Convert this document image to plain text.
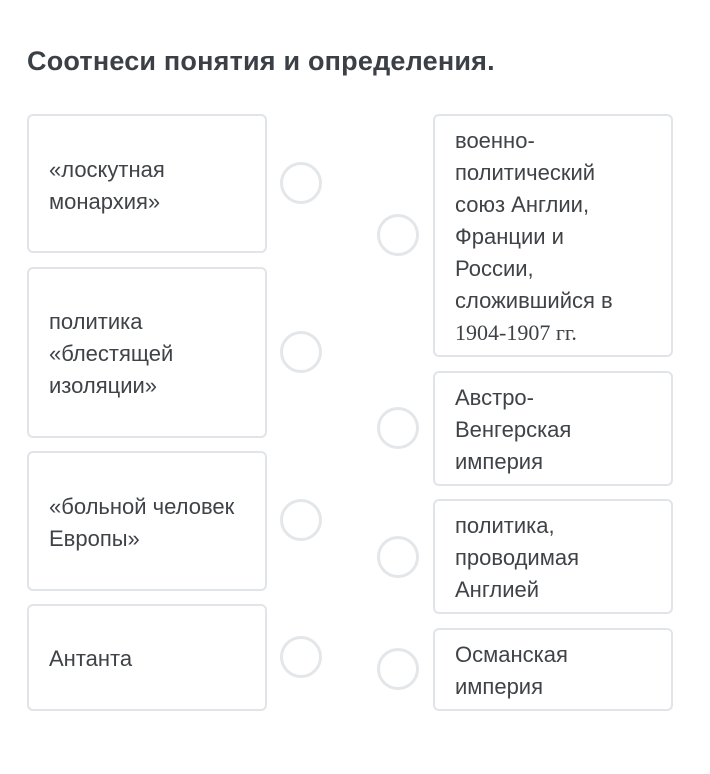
Соотнеси понятия и определения.
«лоскутная монархия»
политика «блестящей изоляции»
«больной человек Европы»
Антанта
военно-политический союз Англии, Франции и России, сложившийся в 1904-1907 гг.
Австро-Венгерская империя
политика, проводимая Англией
Османская империя
